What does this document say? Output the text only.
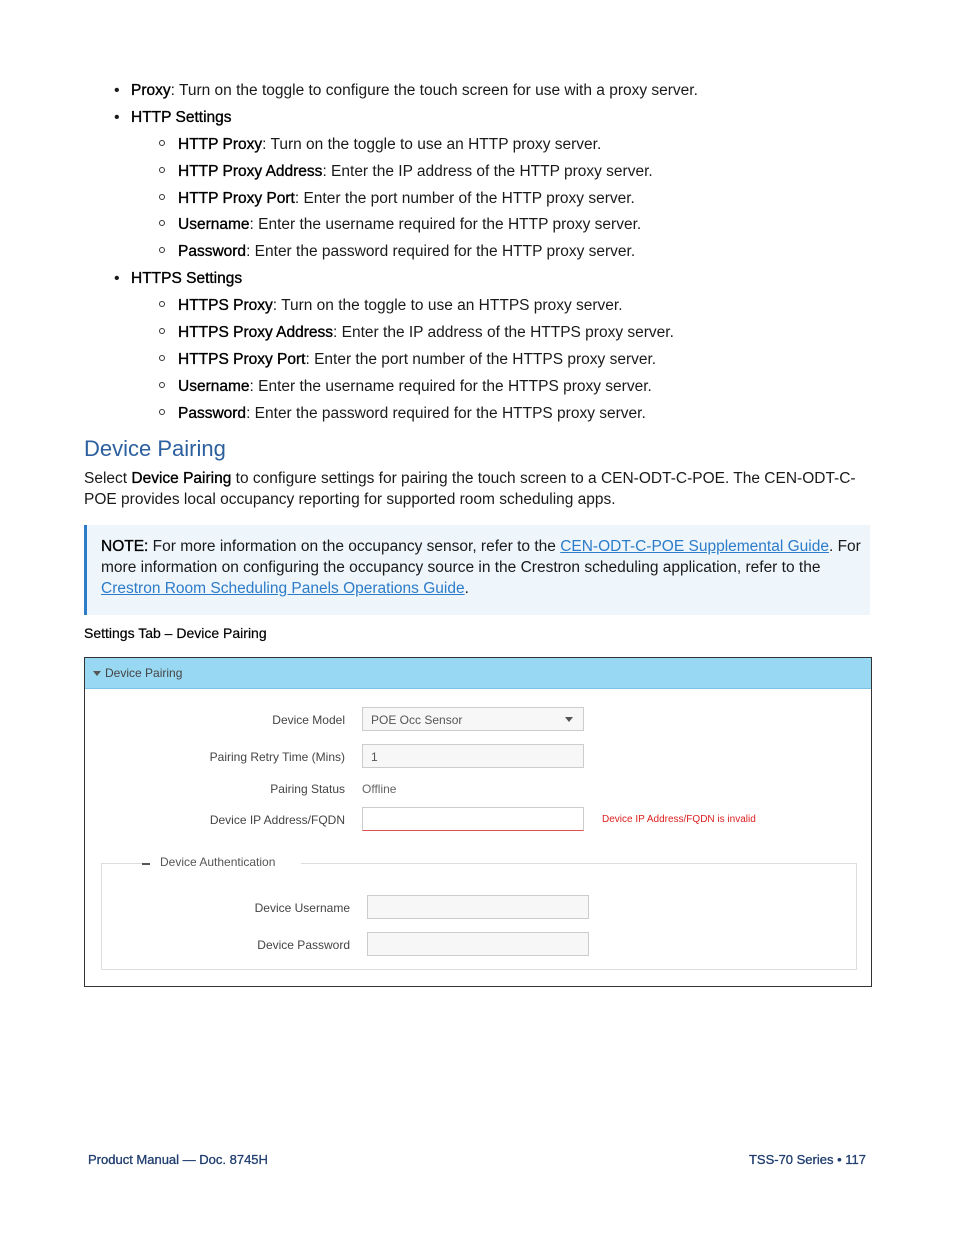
• Proxy: Turn on the toggle to configure the touch screen for use with a proxy server.
• HTTP Settings
HTTP Proxy: Turn on the toggle to use an HTTP proxy server.
HTTP Proxy Address: Enter the IP address of the HTTP proxy server.
HTTP Proxy Port: Enter the port number of the HTTP proxy server.
Username: Enter the username required for the HTTP proxy server.
Password: Enter the password required for the HTTP proxy server.
• HTTPS Settings
HTTPS Proxy: Turn on the toggle to use an HTTPS proxy server.
HTTPS Proxy Address: Enter the IP address of the HTTPS proxy server.
HTTPS Proxy Port: Enter the port number of the HTTPS proxy server.
Username: Enter the username required for the HTTPS proxy server.
Password: Enter the password required for the HTTPS proxy server.
Device Pairing
Select Device Pairing to configure settings for pairing the touch screen to a CEN-ODT-C-POE. The CEN-ODT-C-POE provides local occupancy reporting for supported room scheduling apps.
NOTE: For more information on the occupancy sensor, refer to the CEN-ODT-C-POE Supplemental Guide. For more information on configuring the occupancy source in the Crestron scheduling application, refer to the Crestron Room Scheduling Panels Operations Guide.
Settings Tab – Device Pairing
Device Pairing
Device Model	POE Occ Sensor
Pairing Retry Time (Mins)	1
Pairing Status Offline
Device IP Address/FQDN	Device IP Address/FQDN is invalid
Device Authentication
Device Username
Device Password
Product Manual — Doc. 8745H	TSS-70 Series • 117
